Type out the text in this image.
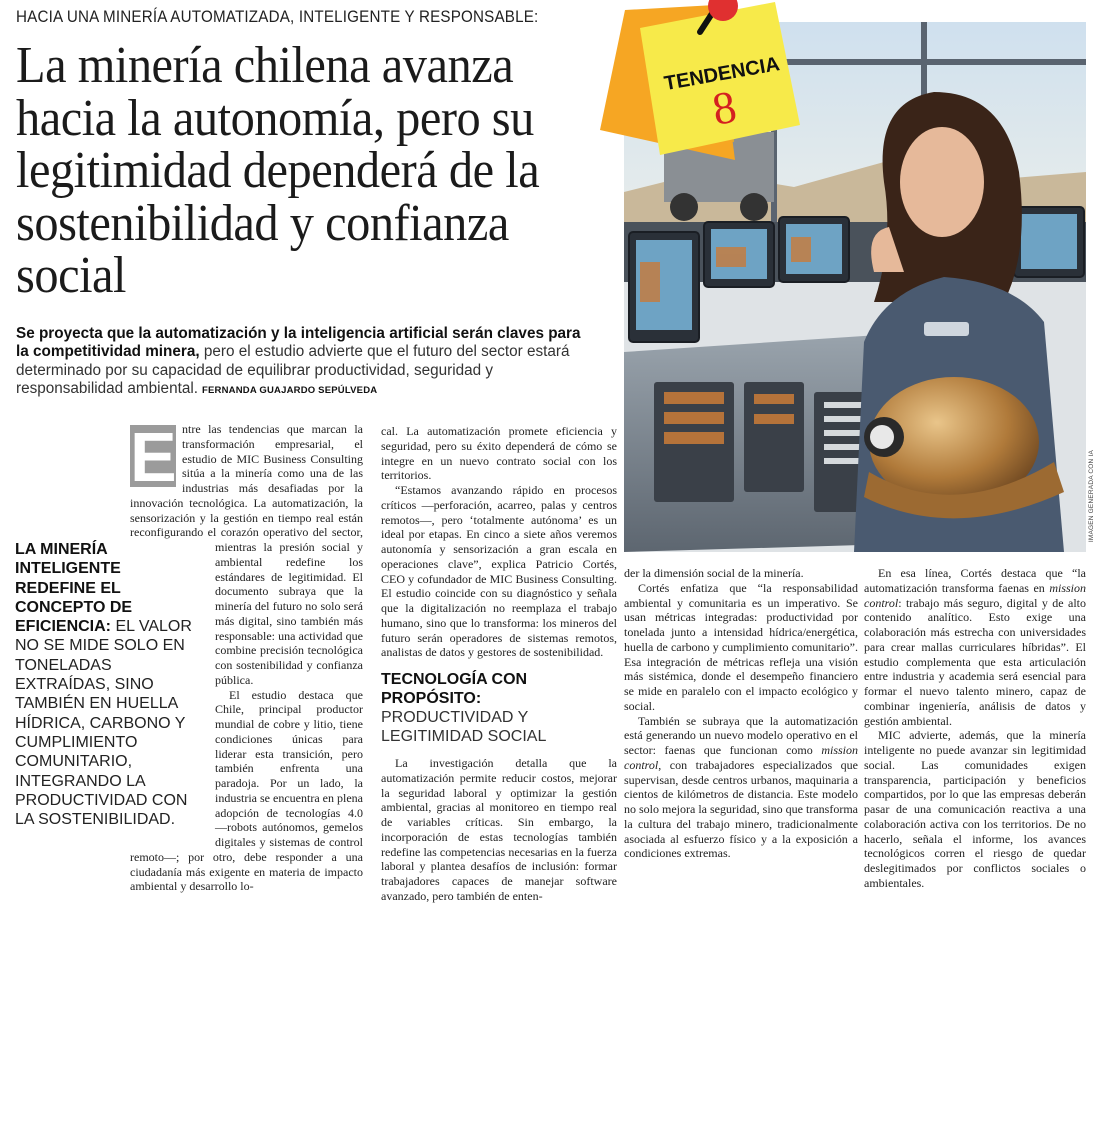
HACIA UNA MINERÍA AUTOMATIZADA, INTELIGENTE Y RESPONSABLE:
La minería chilena avanza hacia la autonomía, pero su legitimidad dependerá de la sostenibilidad y confianza social
Se proyecta que la automatización y la inteligencia artificial serán claves para la competitividad minera, pero el estudio advierte que el futuro del sector estará determinado por su capacidad de equilibrar productividad, seguridad y responsabilidad ambiental. FERNANDA GUAJARDO SEPÚLVEDA
IMAGEN GENERADA CON IA
TENDENCIA
8
E
LA MINERÍA INTELIGENTE REDEFINE EL CONCEPTO DE EFICIENCIA: EL VALOR NO SE MIDE SOLO EN TONELADAS EXTRAÍDAS, SINO TAMBIÉN EN HUELLA HÍDRICA, CARBONO Y CUMPLIMIENTO COMUNITARIO, INTEGRANDO LA PRODUCTIVIDAD CON LA SOSTENIBILIDAD.

ntre las tendencias que marcan la transformación empresarial, el estudio de MIC Business Consulting sitúa a la minería como una de las industrias más desafiadas por la innovación tecnológica. La automatización, la sensorización y la gestión en tiempo real están reconfigurando el corazón operativo del sector, mientras la presión social y ambiental redefine los estándares de legitimidad. El documento subraya que la minería del futuro no solo será más digital, sino también más responsable: una actividad que combine precisión tecnológica con sostenibilidad y confianza pública.

El estudio destaca que Chile, principal productor mundial de cobre y litio, tiene condiciones únicas para liderar esta transición, pero también enfrenta una paradoja. Por un lado, la industria se encuentra en plena adopción de tecnologías 4.0 —robots autónomos, gemelos digitales y sistemas de control remoto—; por otro, debe responder a una ciudadanía más exigente en materia de impacto ambiental y desarrollo lo-

cal. La automatización promete eficiencia y seguridad, pero su éxito dependerá de cómo se integre en un nuevo contrato social con los territorios.

“Estamos avanzando rápido en procesos críticos —perforación, acarreo, palas y centros remotos—, pero ‘totalmente autónoma’ es un ideal por etapas. En cinco a siete años veremos autonomía y sensorización a gran escala en operaciones clave”, explica Patricio Cortés, CEO y cofundador de MIC Business Consulting. El estudio coincide con su diagnóstico y señala que la digitalización no reemplaza el trabajo humano, sino que lo transforma: los mineros del futuro serán operadores de sistemas remotos, analistas de datos y gestores de sostenibilidad.

TECNOLOGÍA CON PROPÓSITO:
PRODUCTIVIDAD Y LEGITIMIDAD SOCIAL

La investigación detalla que la automatización permite reducir costos, mejorar la seguridad laboral y optimizar la gestión ambiental, gracias al monitoreo en tiempo real de variables críticas. Sin embargo, la incorporación de estas tecnologías también redefine las competencias necesarias en la fuerza laboral y plantea desafíos de inclusión: formar trabajadores capaces de manejar software avanzado, pero también de enten-

der la dimensión social de la minería.

Cortés enfatiza que “la responsabilidad ambiental y comunitaria es un imperativo. Se usan métricas integradas: productividad por tonelada junto a intensidad hídrica/energética, huella de carbono y cumplimiento comunitario”. Esa integración de métricas refleja una visión más sistémica, donde el desempeño financiero se mide en paralelo con el impacto ecológico y social.

También se subraya que la automatización está generando un nuevo modelo operativo en el sector: faenas que funcionan como mission control, con trabajadores especializados que supervisan, desde centros urbanos, maquinaria a cientos de kilómetros de distancia. Este modelo no solo mejora la seguridad, sino que transforma la cultura del trabajo minero, tradicionalmente asociada al esfuerzo físico y a la exposición a condiciones extremas.

En esa línea, Cortés destaca que “la automatización transforma faenas en mission control: trabajo más seguro, digital y de alto contenido analítico. Esto exige una colaboración más estrecha con universidades para crear mallas curriculares híbridas”. El estudio complementa que esta articulación entre industria y academia será esencial para formar el nuevo talento minero, capaz de combinar ingeniería, análisis de datos y gestión ambiental.

MIC advierte, además, que la minería inteligente no puede avanzar sin legitimidad social. Las comunidades exigen transparencia, participación y beneficios compartidos, por lo que las empresas deberán pasar de una comunicación reactiva a una colaboración activa con los territorios. De no hacerlo, señala el informe, los avances tecnológicos corren el riesgo de quedar deslegitimados por conflictos sociales o ambientales.
